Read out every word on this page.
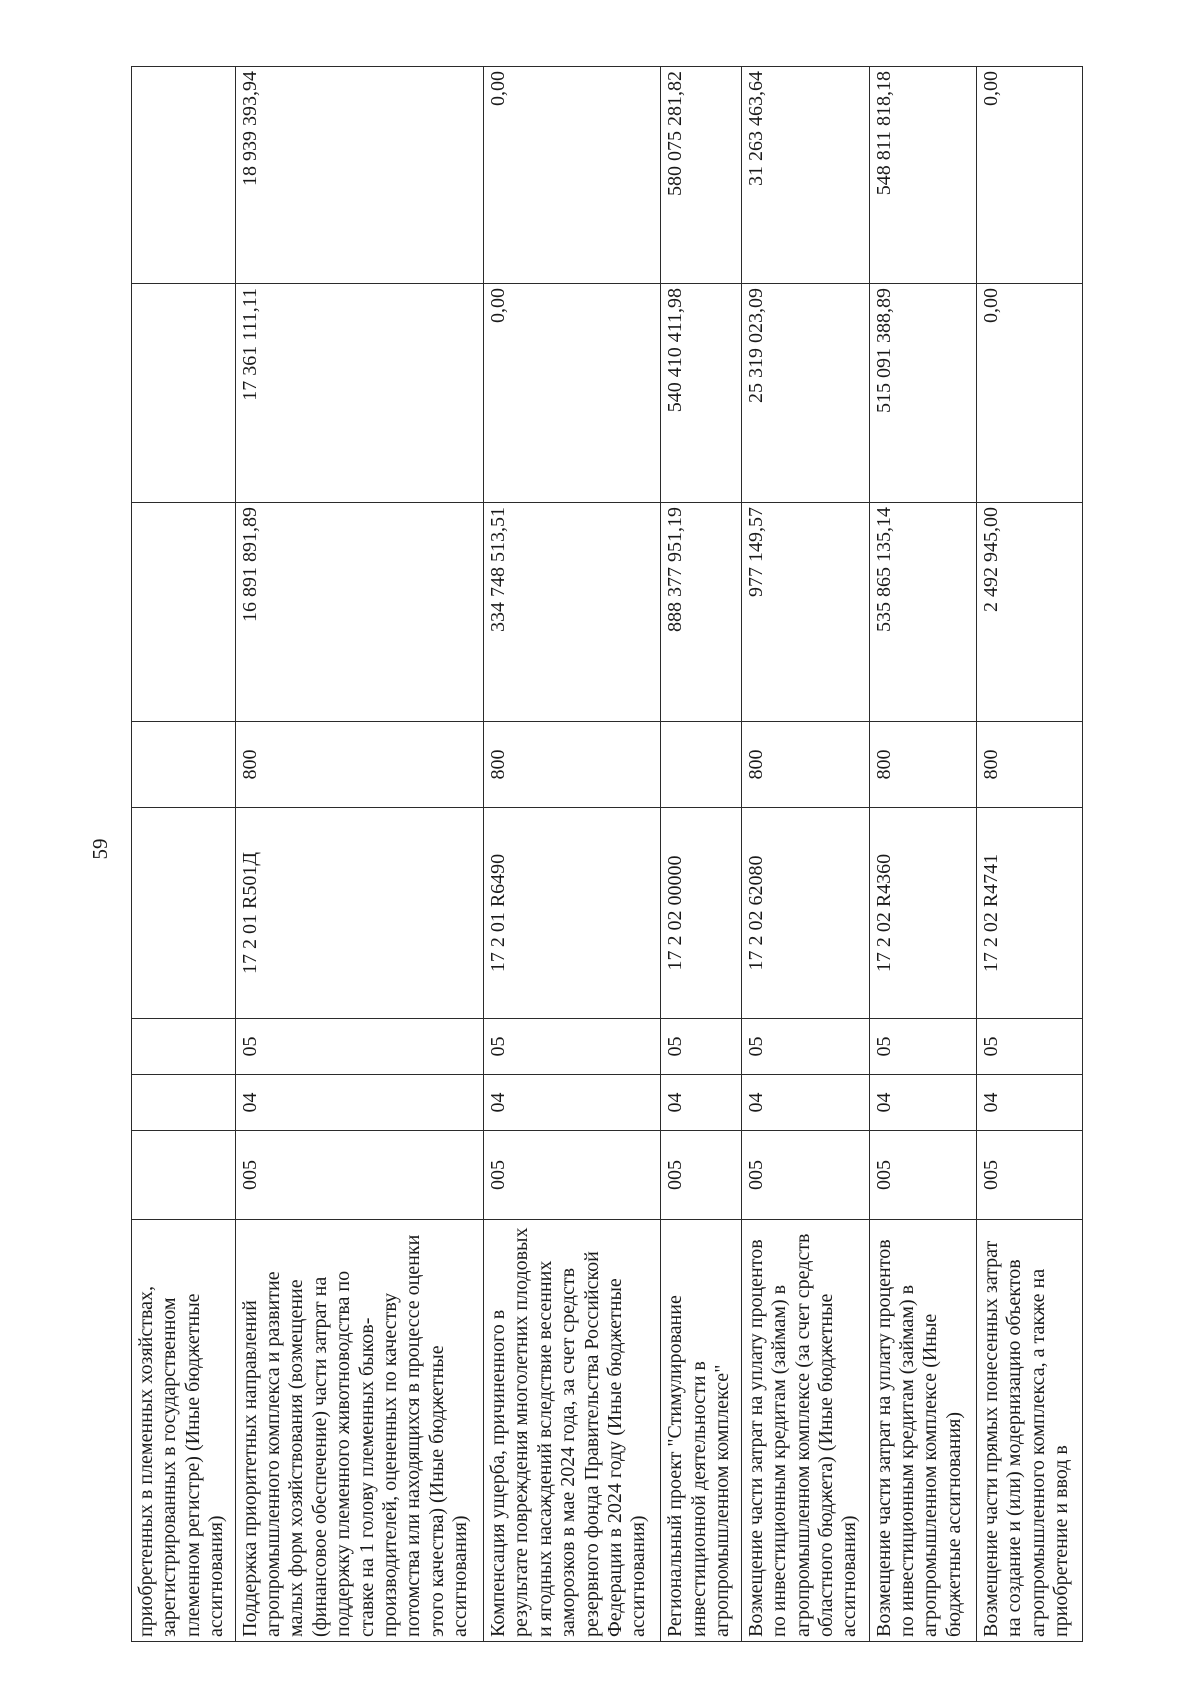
59
приобретенных в племенных хозяйствах, зарегистрированных в государственном племенном регистре) (Иные бюджетные ассигнования)								
Поддержка приоритетных направлений агропромышленного комплекса и развитие малых форм хозяйствования (возмещение (финансовое обеспечение) части затрат на поддержку племенного животноводства по ставке на 1 голову племенных быков-производителей, оцененных по качеству потомства или находящихся в процессе оценки этого качества) (Иные бюджетные ассигнования)	005	04	05	17 2 01 R501Д	800	16 891 891,89	17 361 111,11	18 939 393,94
Компенсация ущерба, причиненного в результате повреждения многолетних плодовых и ягодных насаждений вследствие весенних заморозков в мае 2024 года, за счет средств резервного фонда Правительства Российской Федерации в 2024 году (Иные бюджетные ассигнования)	005	04	05	17 2 01 R6490	800	334 748 513,51	0,00	0,00
Региональный проект "Стимулирование инвестиционной деятельности в агропромышленном комплексе"	005	04	05	17 2 02 00000		888 377 951,19	540 410 411,98	580 075 281,82
Возмещение части затрат на уплату процентов по инвестиционным кредитам (займам) в агропромышленном комплексе (за счет средств областного бюджета) (Иные бюджетные ассигнования)	005	04	05	17 2 02 62080	800	977 149,57	25 319 023,09	31 263 463,64
Возмещение части затрат на уплату процентов по инвестиционным кредитам (займам) в агропромышленном комплексе (Иные бюджетные ассигнования)	005	04	05	17 2 02 R4360	800	535 865 135,14	515 091 388,89	548 811 818,18
Возмещение части прямых понесенных затрат на создание и (или) модернизацию объектов агропромышленного комплекса, а также на приобретение и ввод в	005	04	05	17 2 02 R4741	800	2 492 945,00	0,00	0,00
